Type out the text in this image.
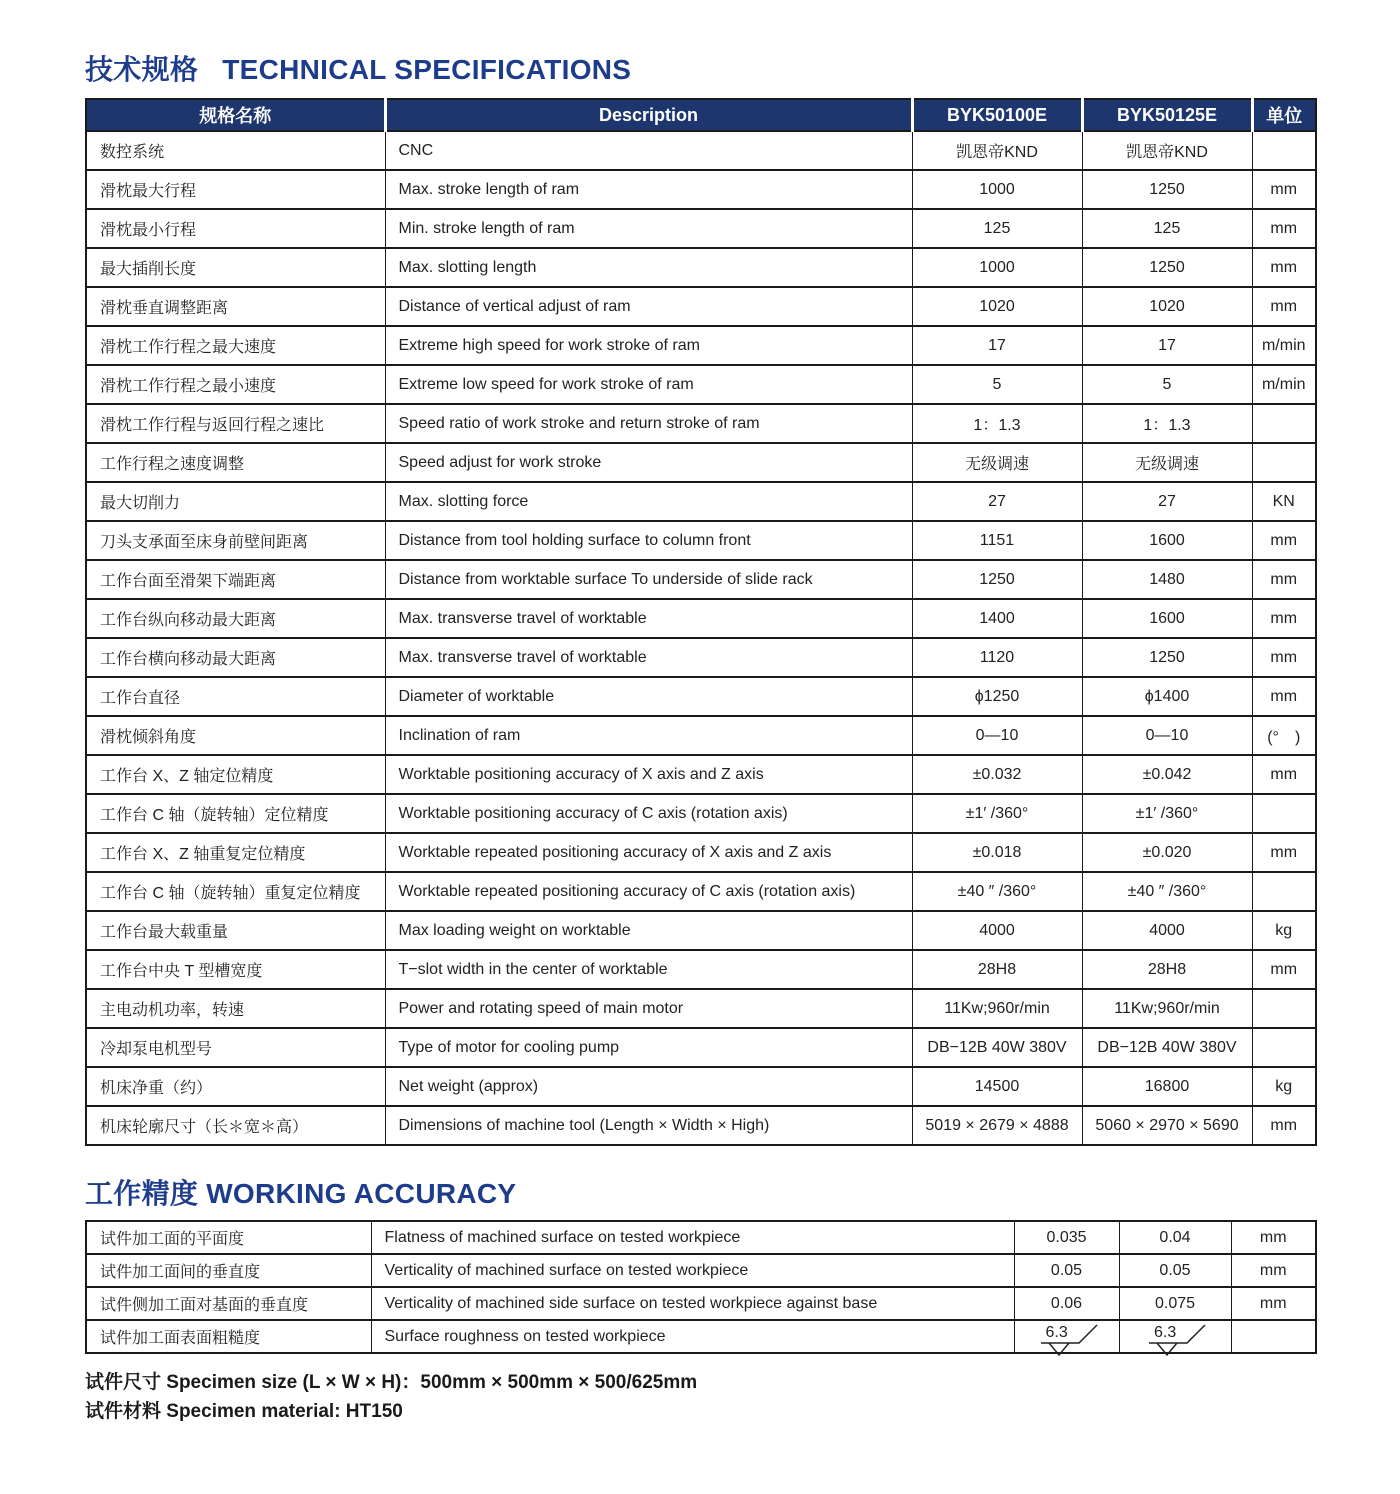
技术规格 TECHNICAL SPECIFICATIONS
规格名称	Description	BYK50100E	BYK50125E	单位
数控系统	CNC	凯恩帝KND	凯恩帝KND	
滑枕最大行程	Max. stroke length of ram	1000	1250	mm
滑枕最小行程	Min. stroke length of ram	125	125	mm
最大插削长度	Max. slotting length	1000	1250	mm
滑枕垂直调整距离	Distance of vertical adjust of ram	1020	1020	mm
滑枕工作行程之最大速度	Extreme high speed for work stroke of ram	17	17	m/min
滑枕工作行程之最小速度	Extreme low speed for work stroke of ram	5	5	m/min
滑枕工作行程与返回行程之速比	Speed ratio of work stroke and return stroke of ram	1：1.3	1：1.3	
工作行程之速度调整	Speed adjust for work stroke	无级调速	无级调速	
最大切削力	Max. slotting force	27	27	KN
刀头支承面至床身前壁间距离	Distance from tool holding surface to column front	1151	1600	mm
工作台面至滑架下端距离	Distance from worktable surface To underside of slide rack	1250	1480	mm
工作台纵向移动最大距离	Max. transverse travel of worktable	1400	1600	mm
工作台横向移动最大距离	Max. transverse travel of worktable	1120	1250	mm
工作台直径	Diameter of worktable	ϕ1250	ϕ1400	mm
滑枕倾斜角度	Inclination of ram	0—10	0—10	(°　)
工作台 X、Z 轴定位精度	Worktable positioning accuracy of X axis and Z axis	±0.032	±0.042	mm
工作台 C 轴（旋转轴）定位精度	Worktable positioning accuracy of C axis (rotation axis)	±1′ /360°	±1′ /360°	
工作台 X、Z 轴重复定位精度	Worktable repeated positioning accuracy of X axis and Z axis	±0.018	±0.020	mm
工作台 C 轴（旋转轴）重复定位精度	Worktable repeated positioning accuracy of C axis (rotation axis)	±40 ″ /360°	±40 ″ /360°	
工作台最大载重量	Max loading weight on worktable	4000	4000	kg
工作台中央 T 型槽宽度	T−slot width in the center of worktable	28H8	28H8	mm
主电动机功率，转速	Power and rotating speed of main motor	11Kw;960r/min	11Kw;960r/min	
冷却泵电机型号	Type of motor for cooling pump	DB−12B 40W 380V	DB−12B 40W 380V	
机床净重（约）	Net weight (approx)	14500	16800	kg
机床轮廓尺寸（长＊宽＊高）	Dimensions of machine tool (Length × Width × High)	5019 × 2679 × 4888	5060 × 2970 × 5690	mm
工作精度 WORKING ACCURACY
试件加工面的平面度	Flatness of machined surface on tested workpiece	0.035	0.04	mm
试件加工面间的垂直度	Verticality of machined surface on tested workpiece	0.05	0.05	mm
试件侧加工面对基面的垂直度	Verticality of machined side surface on tested workpiece against base	0.06	0.075	mm
试件加工面表面粗糙度	Surface roughness on tested workpiece	6.3	6.3	

试件尺寸 Specimen size (L × W × H)：500mm × 500mm × 500/625mm
试件材料 Specimen material: HT150
